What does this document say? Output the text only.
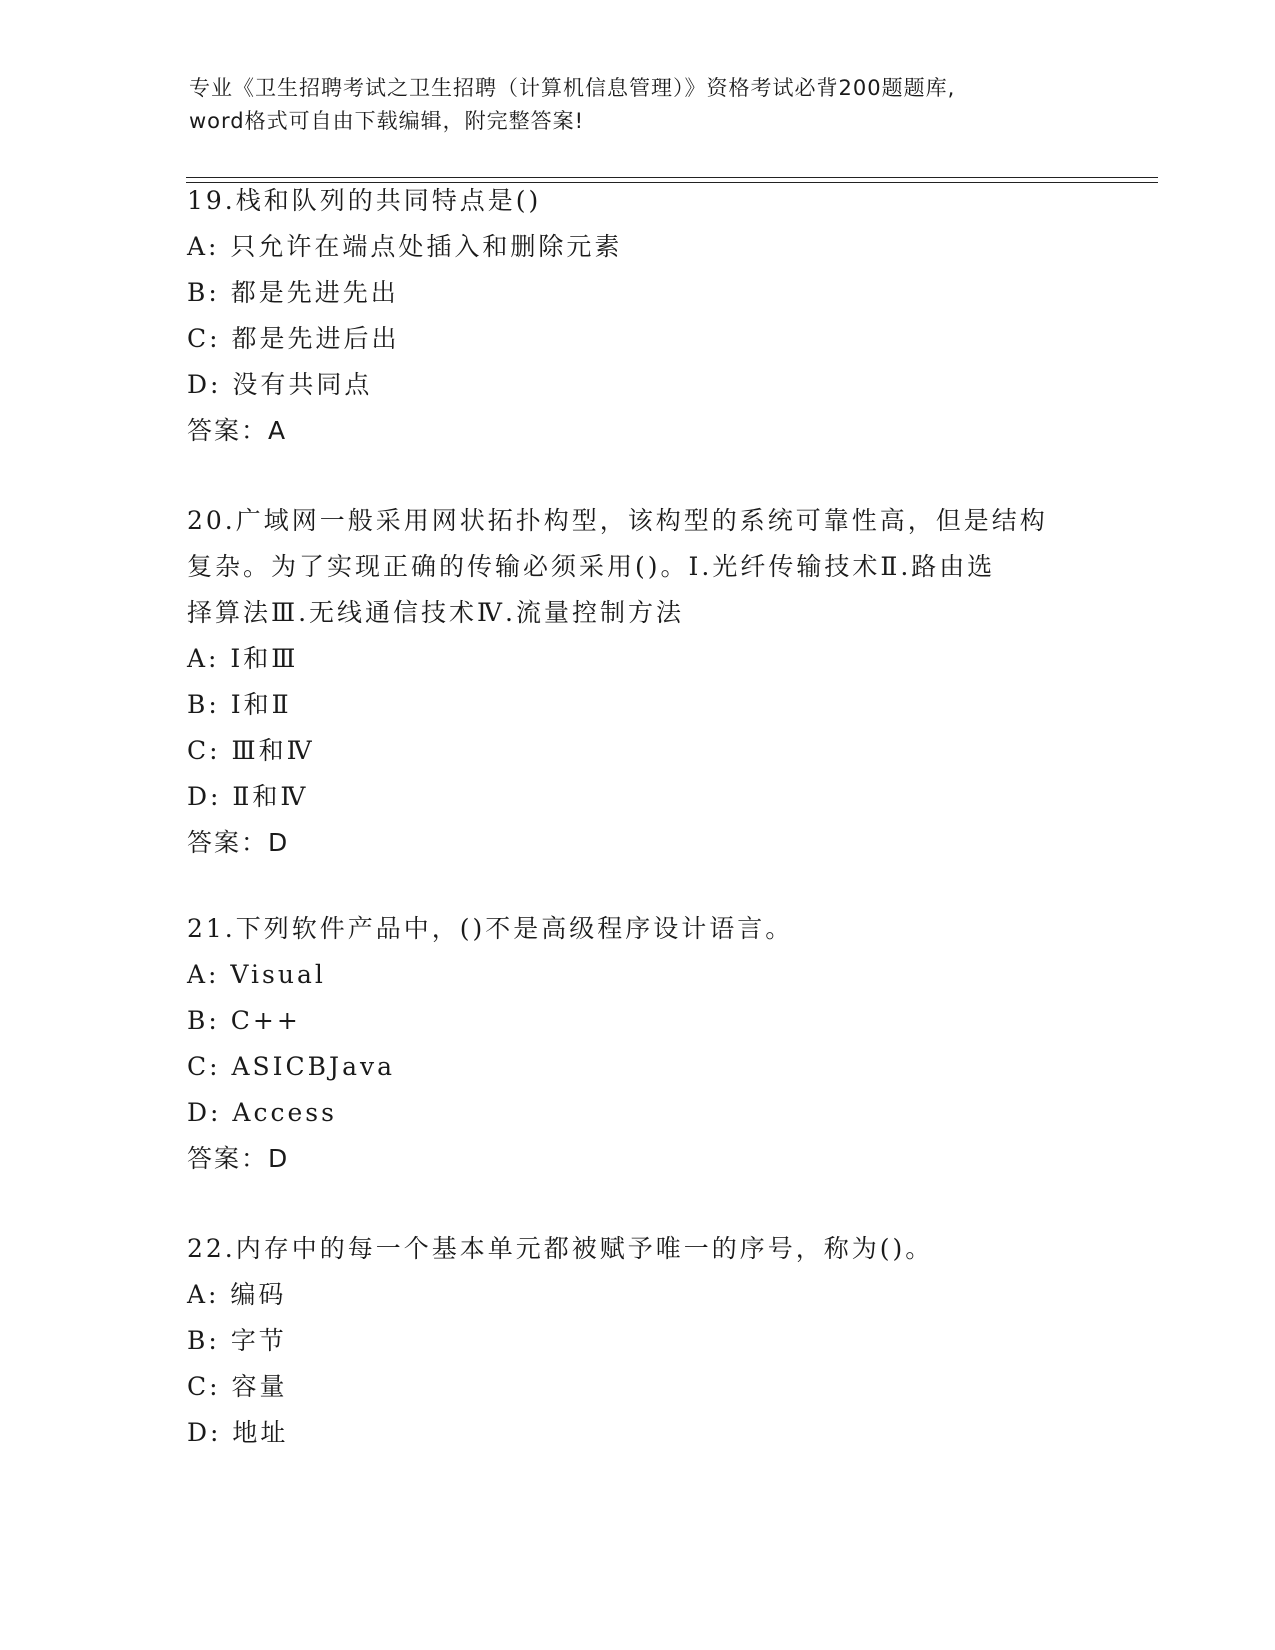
专业《卫生招聘考试之卫生招聘（计算机信息管理）》资格考试必背200题题库,
word格式可自由下载编辑，附完整答案!
19.栈和队列的共同特点是()
A: 只允许在端点处插入和删除元素
B: 都是先进先出
C: 都是先进后出
D: 没有共同点
答案：A
20.广域网一般采用网状拓扑构型，该构型的系统可靠性高，但是结构
复杂。为了实现正确的传输必须采用()。Ⅰ.光纤传输技术Ⅱ.路由选
择算法Ⅲ.无线通信技术Ⅳ.流量控制方法
A: Ⅰ和Ⅲ
B: Ⅰ和Ⅱ
C: Ⅲ和Ⅳ
D: Ⅱ和Ⅳ
答案：D
21.下列软件产品中，()不是高级程序设计语言。
A: Visual
B: C++
C: ASICBJava
D: Access
答案：D
22.内存中的每一个基本单元都被赋予唯一的序号，称为()。
A: 编码
B: 字节
C: 容量
D: 地址
